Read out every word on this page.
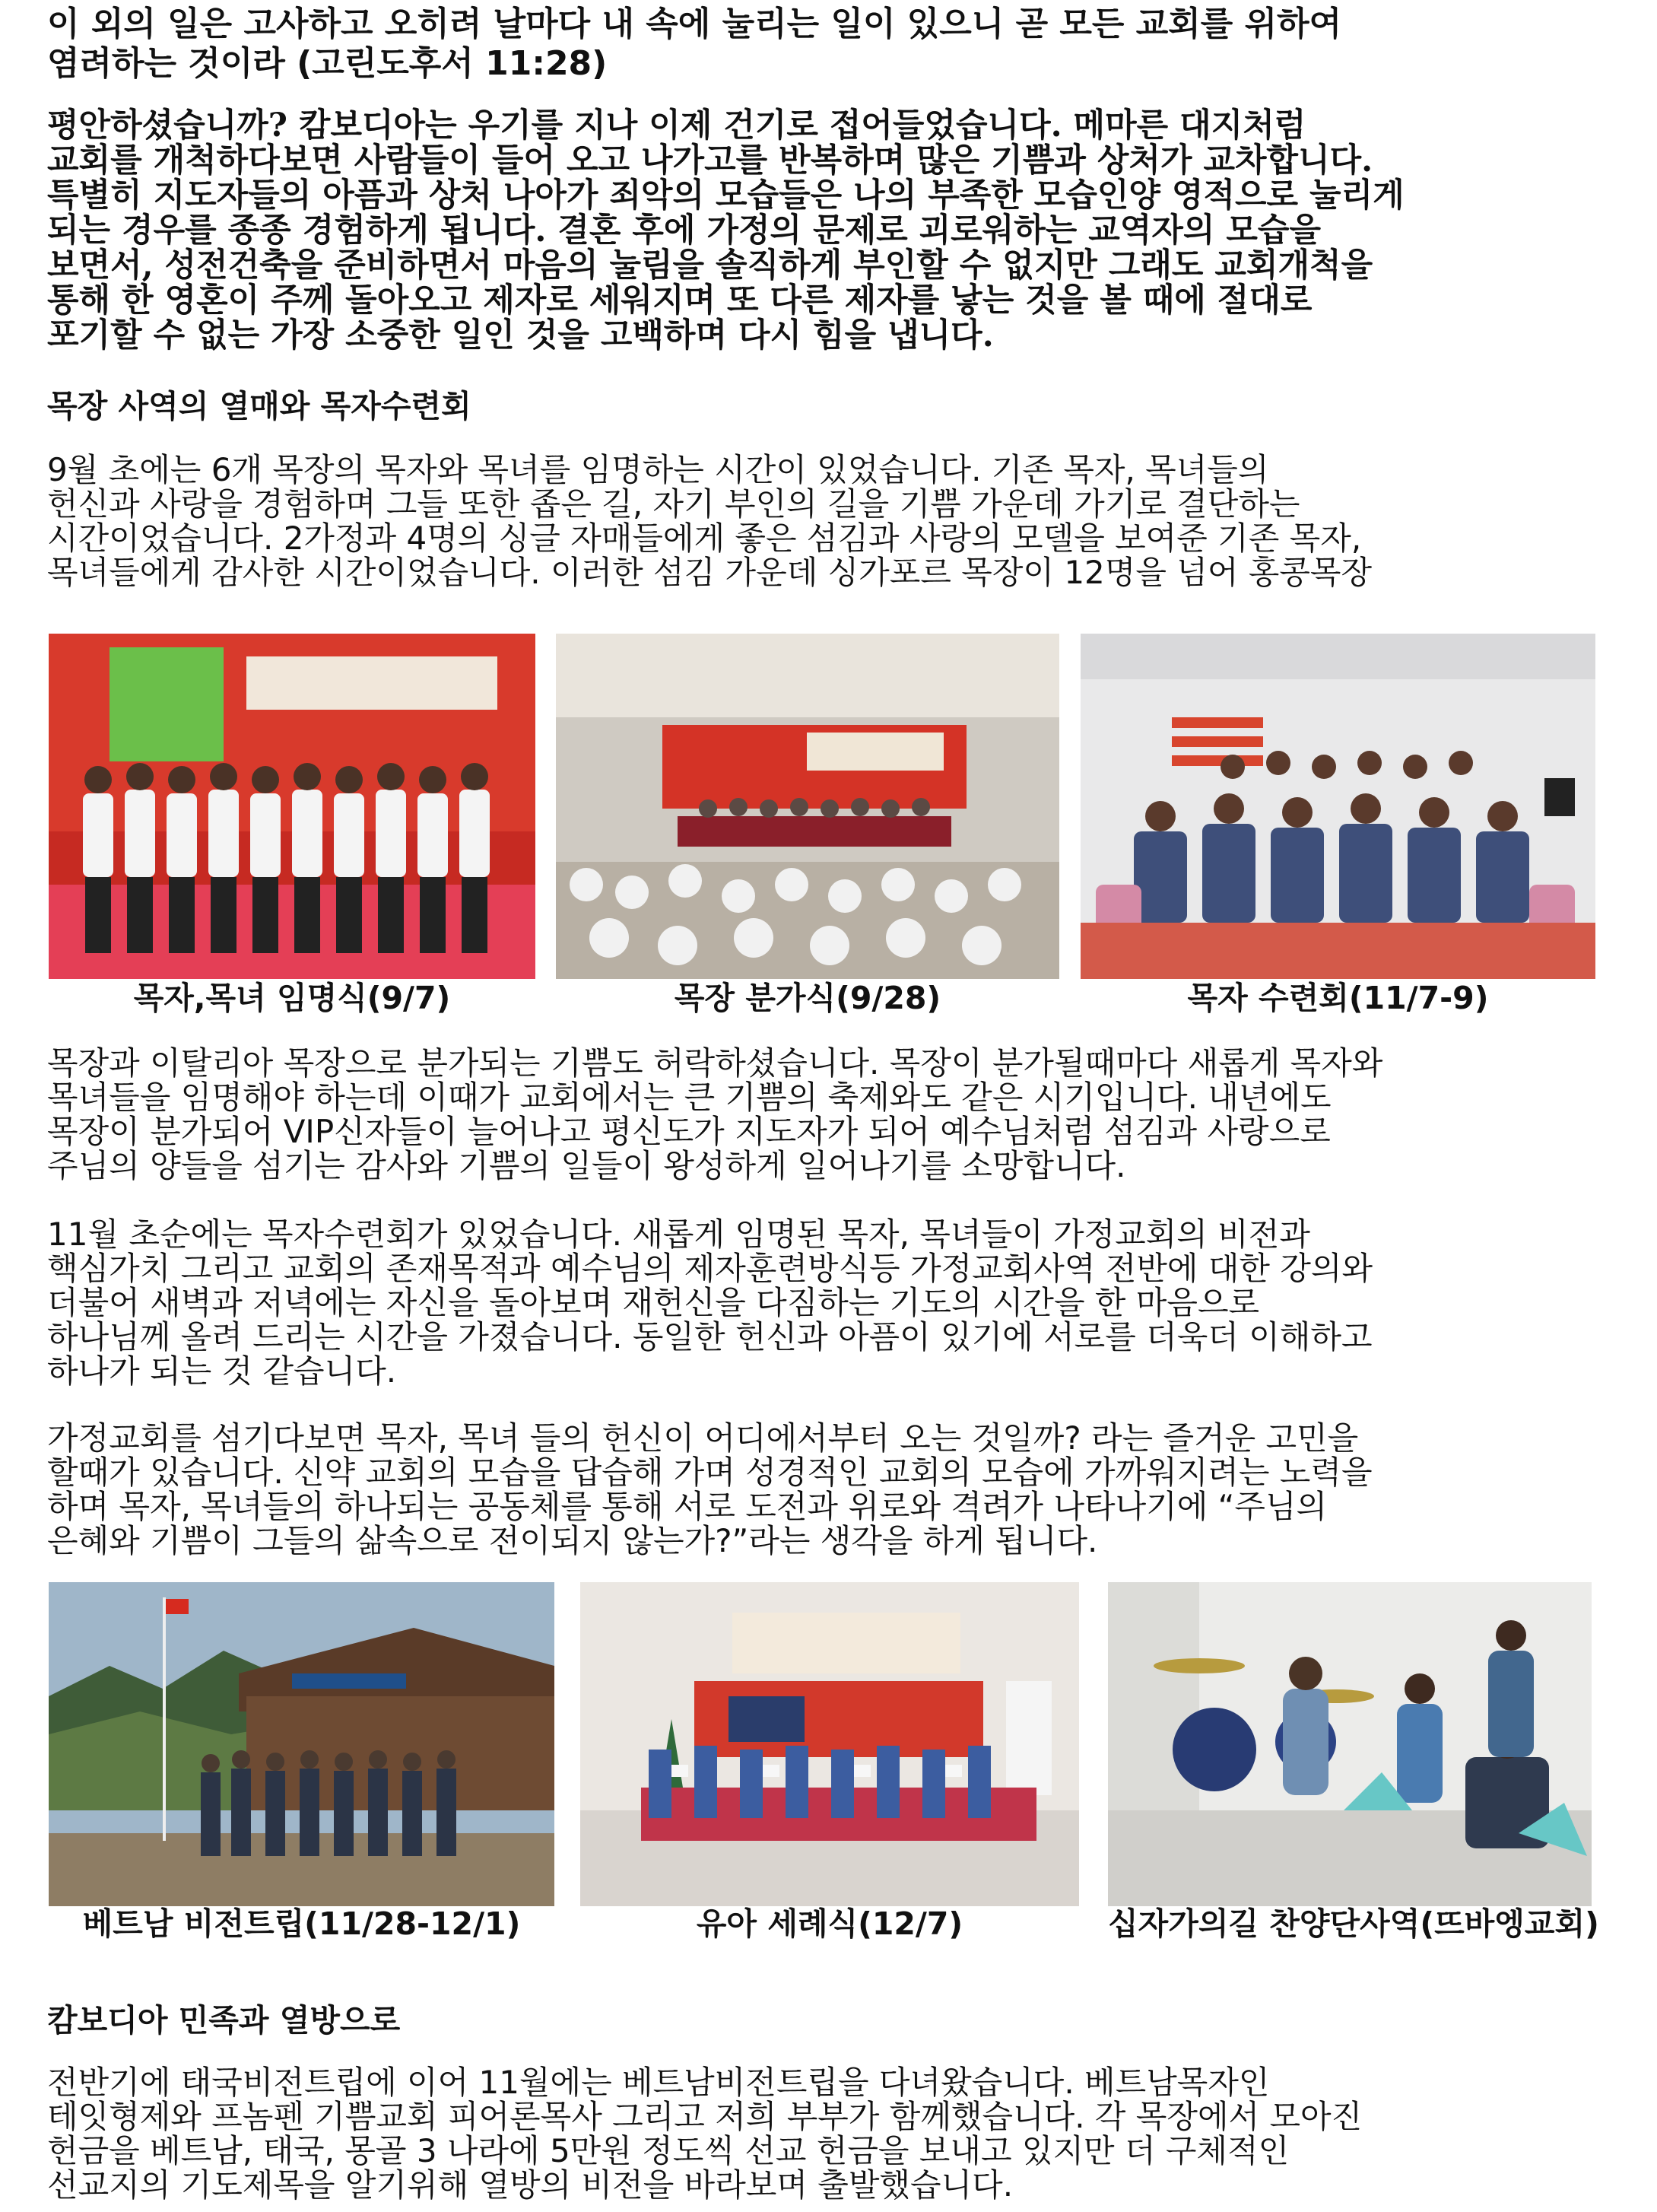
이 외의 일은 고사하고 오히려 날마다 내 속에 눌리는 일이 있으니 곧 모든 교회를 위하여

염려하는 것이라 (고린도후서 11:28)

평안하셨습니까? 캄보디아는 우기를 지나 이제 건기로 접어들었습니다. 메마른 대지처럼

교회를 개척하다보면 사람들이 들어 오고 나가고를 반복하며 많은 기쁨과 상처가 교차합니다.

특별히 지도자들의 아픔과 상처 나아가 죄악의 모습들은 나의 부족한 모습인양 영적으로 눌리게

되는 경우를 종종 경험하게 됩니다. 결혼 후에 가정의 문제로 괴로워하는 교역자의 모습을

보면서, 성전건축을 준비하면서 마음의 눌림을 솔직하게 부인할 수 없지만 그래도 교회개척을

통해 한 영혼이 주께 돌아오고 제자로 세워지며 또 다른 제자를 낳는 것을 볼 때에 절대로

포기할 수 없는 가장 소중한 일인 것을 고백하며 다시 힘을 냅니다.

목장 사역의 열매와 목자수련회

9월 초에는 6개 목장의 목자와 목녀를 임명하는 시간이 있었습니다. 기존 목자, 목녀들의

헌신과 사랑을 경험하며 그들 또한 좁은 길, 자기 부인의 길을 기쁨 가운데 가기로 결단하는

시간이었습니다. 2가정과 4명의 싱글 자매들에게 좋은 섬김과 사랑의 모델을 보여준 기존 목자,

목녀들에게 감사한 시간이었습니다. 이러한 섬김 가운데 싱가포르 목장이 12명을 넘어 홍콩목장

목자,목녀 임명식(9/7)	목장 분가식(9/28)	목자 수련회(11/7-9)

목장과 이탈리아 목장으로 분가되는 기쁨도 허락하셨습니다. 목장이 분가될때마다 새롭게 목자와

목녀들을 임명해야 하는데 이때가 교회에서는 큰 기쁨의 축제와도 같은 시기입니다. 내년에도

목장이 분가되어 VIP신자들이 늘어나고 평신도가 지도자가 되어 예수님처럼 섬김과 사랑으로

주님의 양들을 섬기는 감사와 기쁨의 일들이 왕성하게 일어나기를 소망합니다.

11월 초순에는 목자수련회가 있었습니다. 새롭게 임명된 목자, 목녀들이 가정교회의 비전과

핵심가치 그리고 교회의 존재목적과 예수님의 제자훈련방식등 가정교회사역 전반에 대한 강의와

더불어 새벽과 저녁에는 자신을 돌아보며 재헌신을 다짐하는 기도의 시간을 한 마음으로

하나님께 올려 드리는 시간을 가졌습니다. 동일한 헌신과 아픔이 있기에 서로를 더욱더 이해하고

하나가 되는 것 같습니다.

가정교회를 섬기다보면 목자, 목녀 들의 헌신이 어디에서부터 오는 것일까? 라는 즐거운 고민을

할때가 있습니다. 신약 교회의 모습을 답습해 가며 성경적인 교회의 모습에 가까워지려는 노력을

하며 목자, 목녀들의 하나되는 공동체를 통해 서로 도전과 위로와 격려가 나타나기에 “주님의

은혜와 기쁨이 그들의 삶속으로 전이되지 않는가?”라는 생각을 하게 됩니다.

베트남 비전트립(11/28-12/1)	유아 세례식(12/7)	십자가의길 찬양단사역(뜨바엥교회)
캄보디아 민족과 열방으로

전반기에 태국비전트립에 이어 11월에는 베트남비전트립을 다녀왔습니다. 베트남목자인

테잇형제와 프놈펜 기쁨교회 피어론목사 그리고 저희 부부가 함께했습니다. 각 목장에서 모아진

헌금을 베트남, 태국, 몽골 3 나라에 5만원 정도씩 선교 헌금을 보내고 있지만 더 구체적인

선교지의 기도제목을 알기위해 열방의 비전을 바라보며 출발했습니다.
